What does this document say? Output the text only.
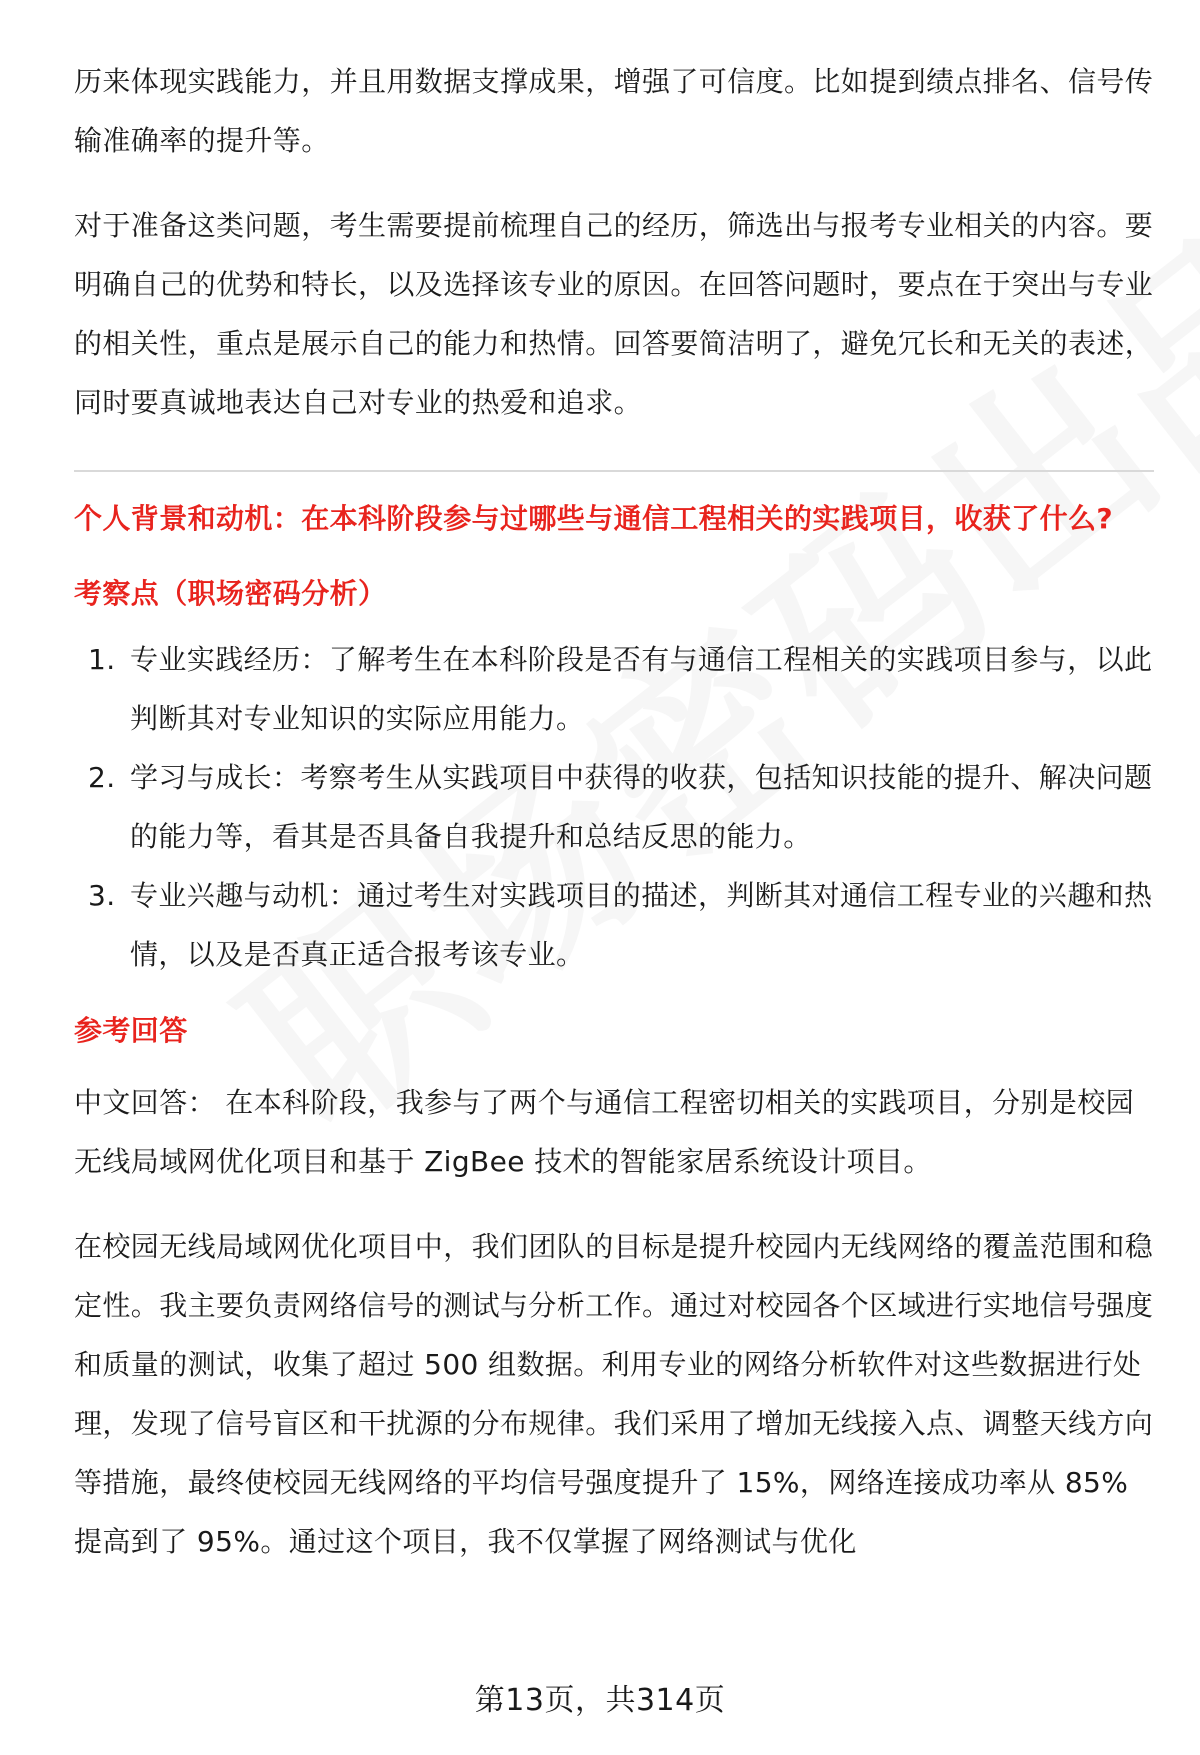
历来体现实践能力，并且用数据支撑成果，增强了可信度。比如提到绩点排名、信号传输准确率的提升等。

对于准备这类问题，考生需要提前梳理自己的经历，筛选出与报考专业相关的内容。要明确自己的优势和特长，以及选择该专业的原因。在回答问题时，要点在于突出与专业的相关性，重点是展示自己的能力和热情。回答要简洁明了，避免冗长和无关的表述，同时要真诚地表达自己对专业的热爱和追求。

个人背景和动机：在本科阶段参与过哪些与通信工程相关的实践项目，收获了什么?
考察点（职场密码分析）
1. 专业实践经历：了解考生在本科阶段是否有与通信工程相关的实践项目参与，以此判断其对专业知识的实际应用能力。
2. 学习与成长：考察考生从实践项目中获得的收获，包括知识技能的提升、解决问题的能力等，看其是否具备自我提升和总结反思的能力。
3. 专业兴趣与动机：通过考生对实践项目的描述，判断其对通信工程专业的兴趣和热情，以及是否真正适合报考该专业。
参考回答

中文回答： 在本科阶段，我参与了两个与通信工程密切相关的实践项目，分别是校园无线局域网优化项目和基于 ZigBee 技术的智能家居系统设计项目。

在校园无线局域网优化项目中，我们团队的目标是提升校园内无线网络的覆盖范围和稳定性。我主要负责网络信号的测试与分析工作。通过对校园各个区域进行实地信号强度和质量的测试，收集了超过 500 组数据。利用专业的网络分析软件对这些数据进行处理，发现了信号盲区和干扰源的分布规律。我们采用了增加无线接入点、调整天线方向等措施，最终使校园无线网络的平均信号强度提升了 15%，网络连接成功率从 85%提高到了 95%。通过这个项目，我不仅掌握了网络测试与优化

第13页，共314页
